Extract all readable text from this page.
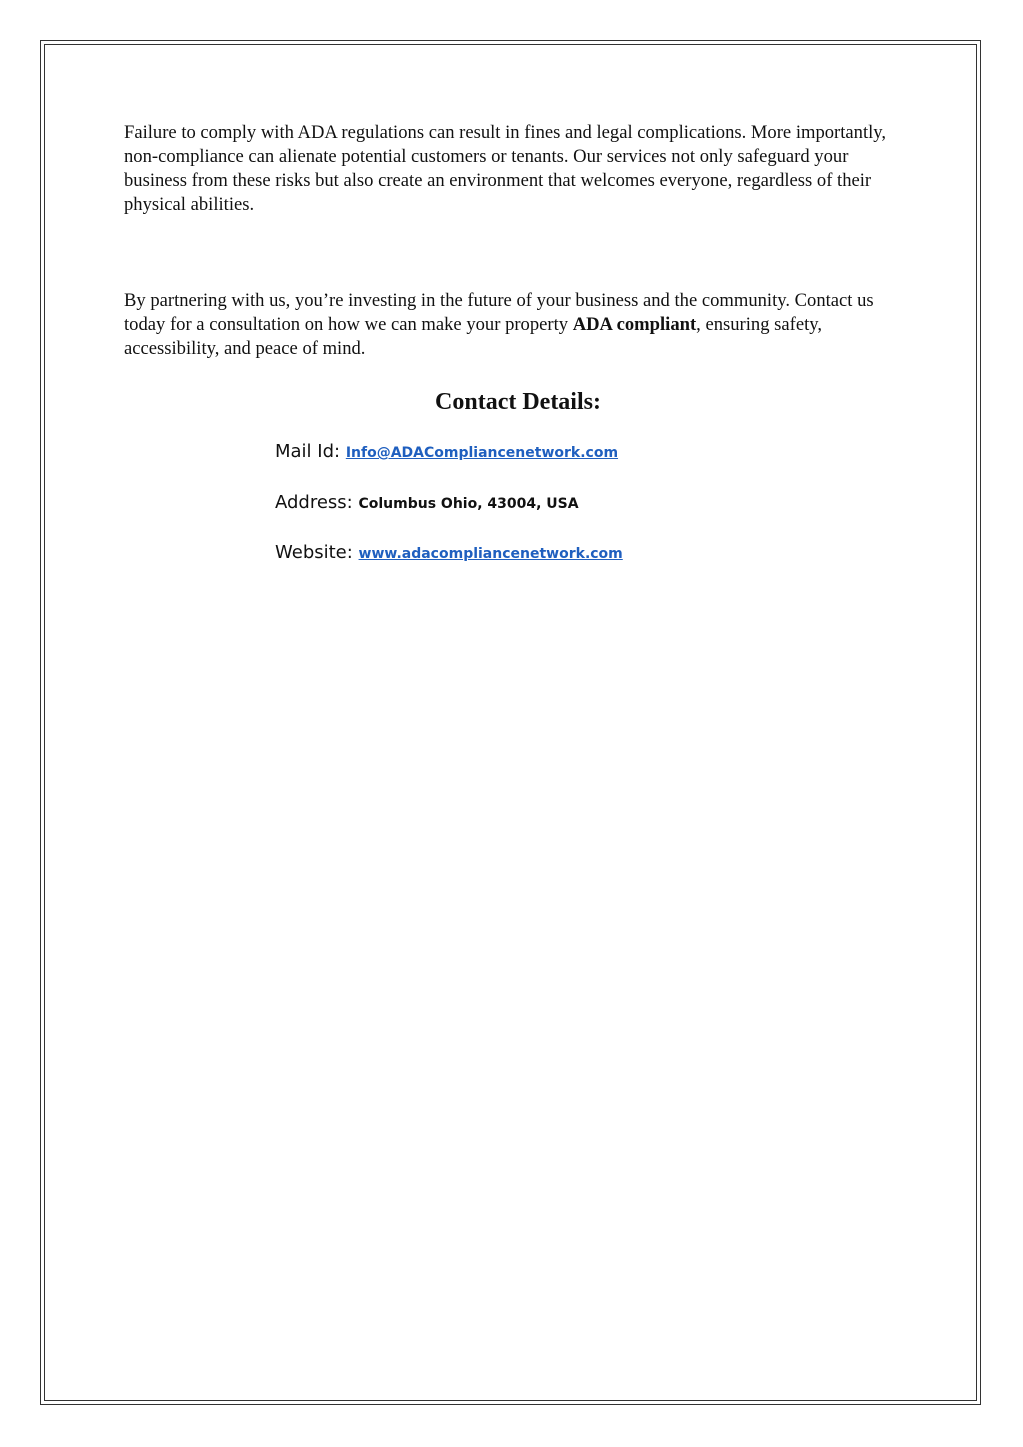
Failure to comply with ADA regulations can result in fines and legal complications. More importantly, non-compliance can alienate potential customers or tenants. Our services not only safeguard your business from these risks but also create an environment that welcomes everyone, regardless of their physical abilities.

By partnering with us, you’re investing in the future of your business and the community. Contact us today for a consultation on how we can make your property ADA compliant, ensuring safety, accessibility, and peace of mind.

Contact Details:
Mail Id: Info@ADACompliancenetwork.com
Address: Columbus Ohio, 43004, USA
Website: www.adacompliancenetwork.com
